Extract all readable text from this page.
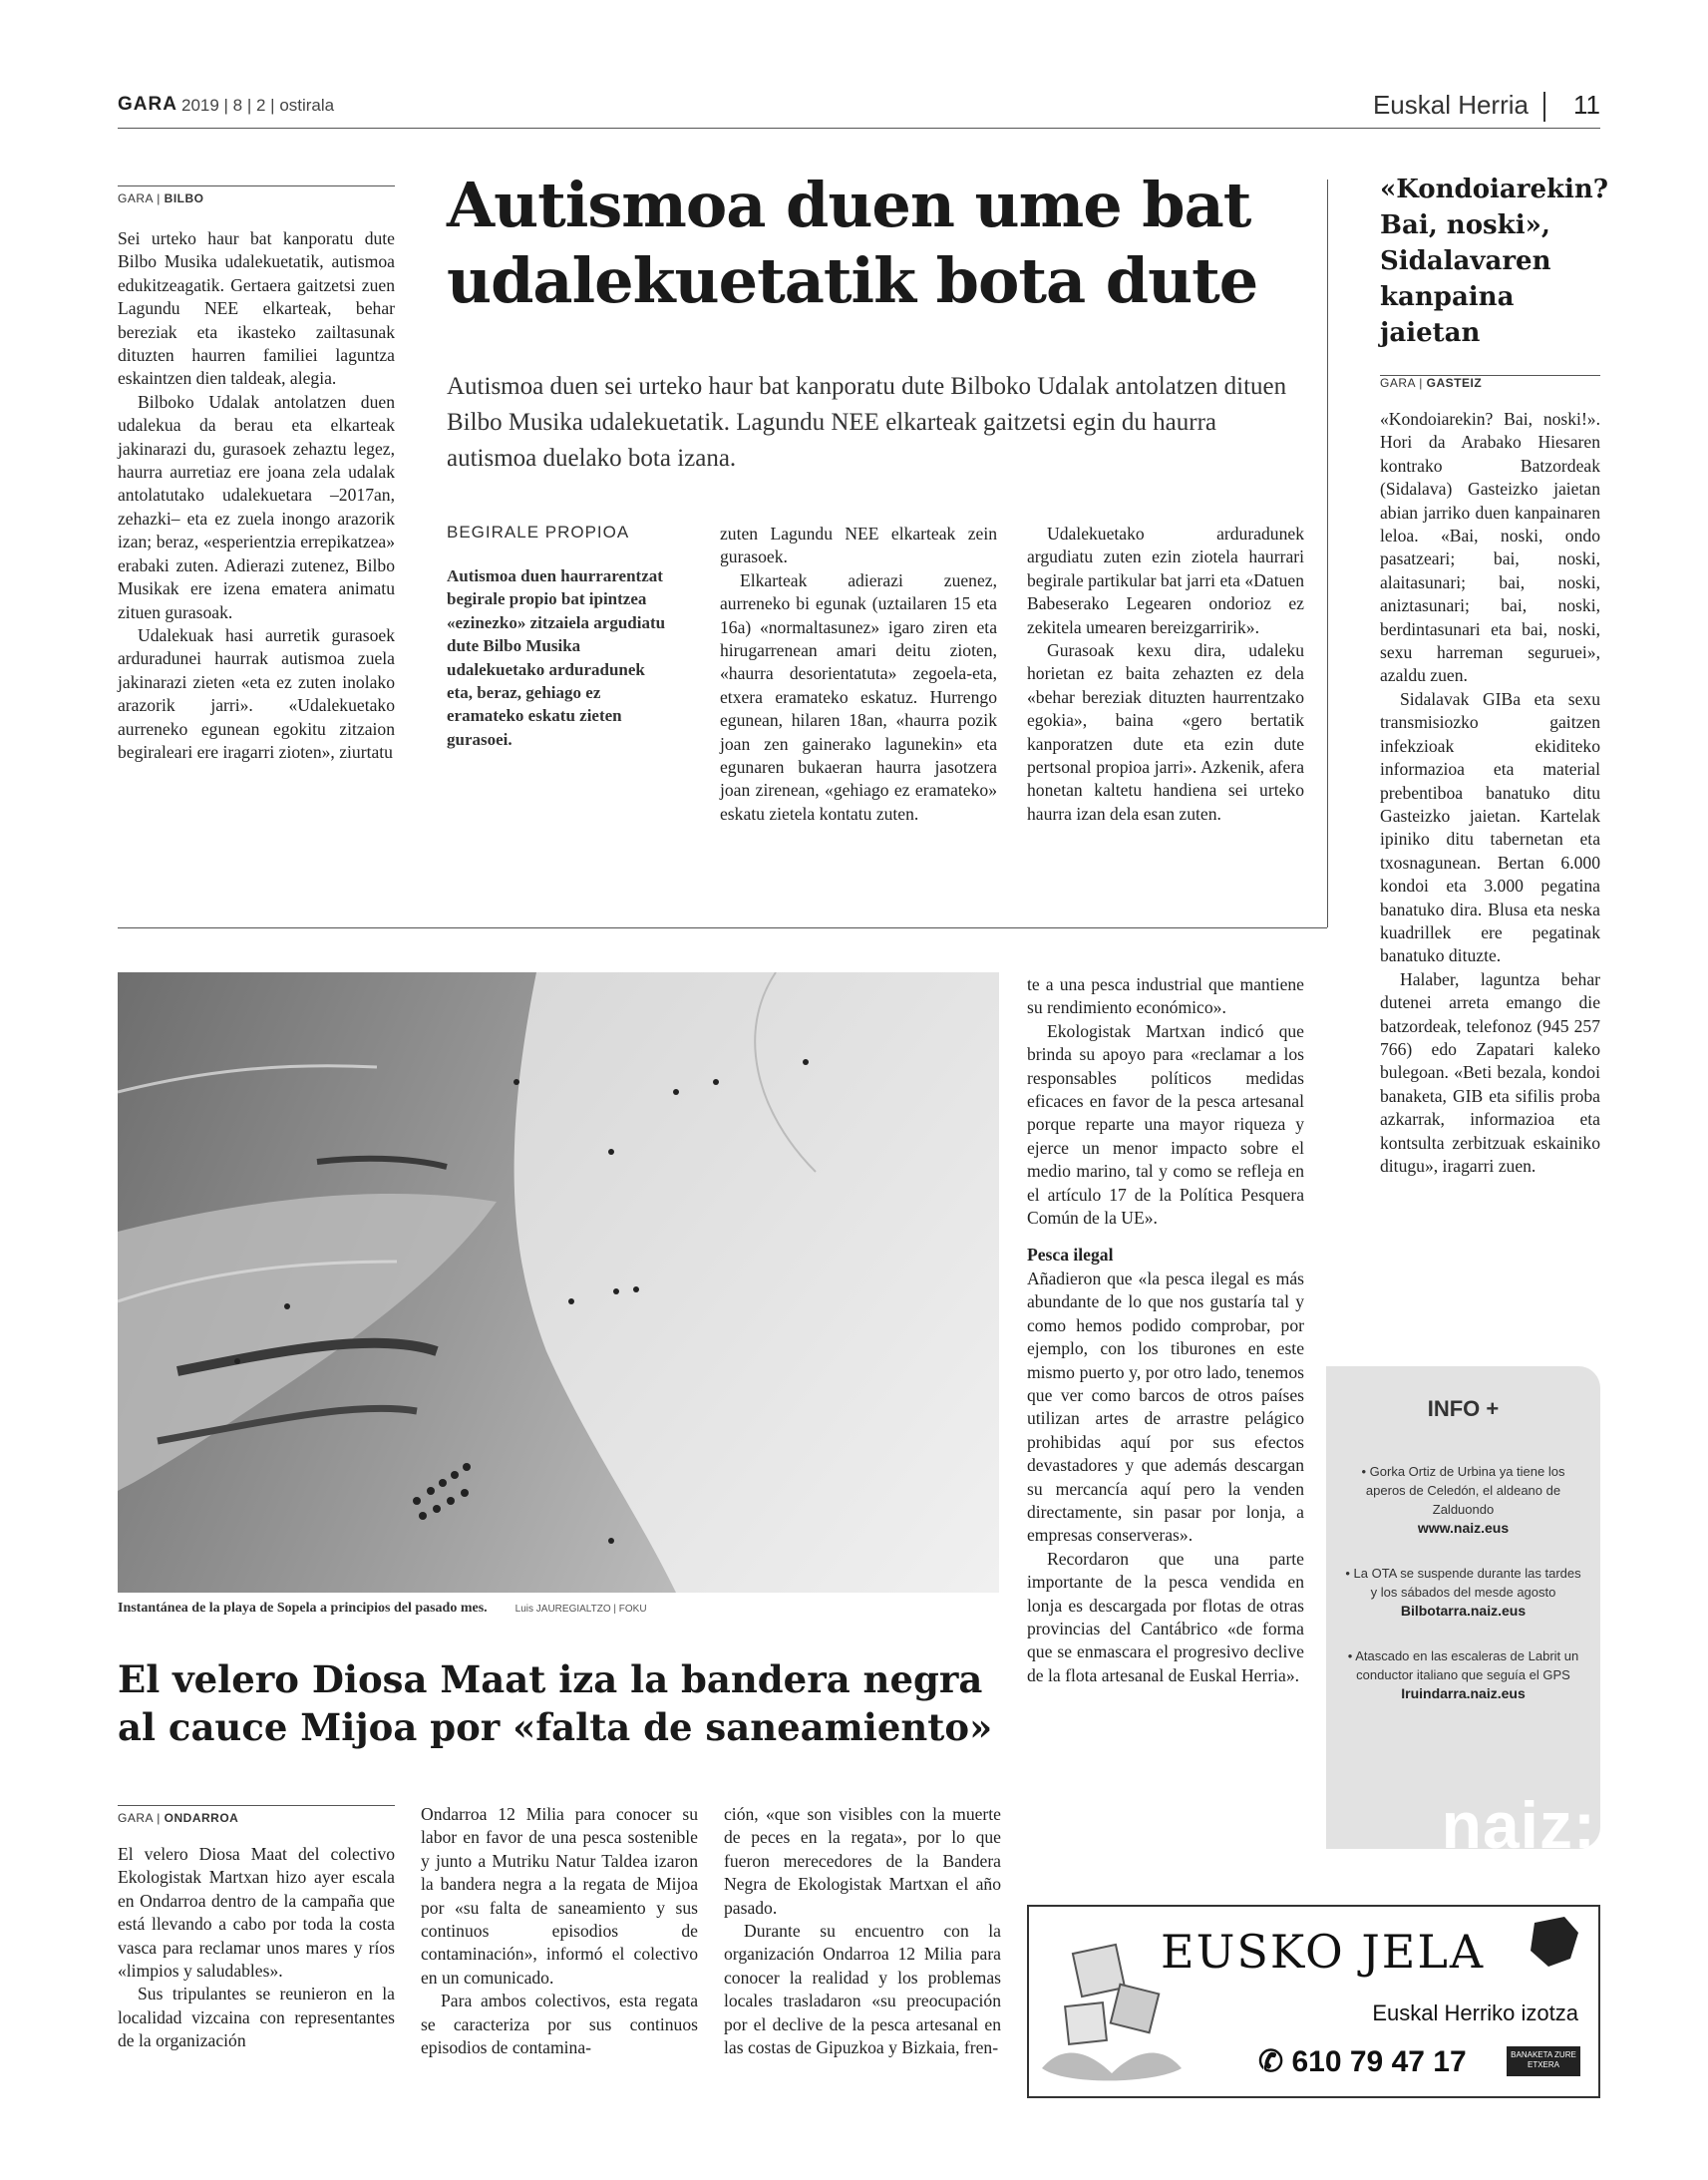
GARA 2019 | 8 | 2 | ostirala	Euskal Herria 11
GARA | BILBO

Sei urteko haur bat kanporatu dute Bilbo Musika udalekuetatik, autismoa edukitzeagatik. Gertaera gaitzetsi zuen Lagundu NEE elkarteak, behar bereziak eta ikasteko zailtasunak dituzten haurren familiei laguntza eskaintzen dien taldeak, alegia.

Bilboko Udalak antolatzen duen udalekua da berau eta elkarteak jakinarazi du, gurasoek zehaztu legez, haurra aurretiaz ere joana zela udalak antolatutako udalekuetara –2017an, zehazki– eta ez zuela inongo arazorik izan; beraz, «esperientzia errepikatzea» erabaki zuten. Adierazi zutenez, Bilbo Musikak ere izena ematera animatu zituen gurasoak.

Udalekuak hasi aurretik gurasoek arduradunei haurrak autismoa zuela jakinarazi zieten «eta ez zuten inolako arazorik jarri». «Udalekuetako aurreneko egunean egokitu zitzaion begiraleari ere iragarri zioten», ziurtatu

Autismoa duen ume bat
udalekuetatik bota dute
Autismoa duen sei urteko haur bat kanporatu dute Bilboko Udalak antolatzen dituen Bilbo Musika udalekuetatik. Lagundu NEE elkarteak gaitzetsi egin du haurra autismoa duelako bota izana.
BEGIRALE PROPIOA
Autismoa duen haurrarentzat begirale propio bat ipintzea «ezinezko» zitzaiela argudiatu dute Bilbo Musika udalekuetako arduradunek eta, beraz, gehiago ez eramateko eskatu zieten gurasoei.

zuten Lagundu NEE elkarteak zein gurasoek.

Elkarteak adierazi zuenez, aurreneko bi egunak (uztailaren 15 eta 16a) «normaltasunez» igaro ziren eta hirugarrenean amari deitu zioten, «haurra desorientatuta» zegoela-eta, etxera eramateko eskatuz. Hurrengo egunean, hilaren 18an, «haurra pozik joan zen gainerako lagunekin» eta egunaren bukaeran haurra jasotzera joan zirenean, «gehiago ez eramateko» eskatu zietela kontatu zuten.

Udalekuetako arduradunek argudiatu zuten ezin ziotela haurrari begirale partikular bat jarri eta «Datuen Babeserako Legearen ondorioz ez zekitela umearen bereizgarririk».

Gurasoak kexu dira, udaleku horietan ez baita zehazten ez dela «behar bereziak dituzten haurrentzako egokia», baina «gero bertatik kanporatzen dute eta ezin dute pertsonal propioa jarri». Azkenik, afera honetan kaltetu handiena sei urteko haurra izan dela esan zuten.

«Kondoiarekin? Bai, noski», Sidalavaren kanpaina jaietan
GARA | GASTEIZ

«Kondoiarekin? Bai, noski!». Hori da Arabako Hiesaren kontrako Batzordeak (Sidalava) Gasteizko jaietan abian jarriko duen kanpainaren leloa. «Bai, noski, ondo pasatzeari; bai, noski, alaitasunari; bai, noski, aniztasunari; bai, noski, berdintasunari eta bai, noski, sexu harreman seguruei», azaldu zuen.

Sidalavak GIBa eta sexu transmisiozko gaitzen infekzioak ekiditeko informazioa eta material prebentiboa banatuko ditu Gasteizko jaietan. Kartelak ipiniko ditu tabernetan eta txosnagunean. Bertan 6.000 kondoi eta 3.000 pegatina banatuko dira. Blusa eta neska kuadrillek ere pegatinak banatuko dituzte.

Halaber, laguntza behar dutenei arreta emango die batzordeak, telefonoz (945 257 766) edo Zapatari kaleko bulegoan. «Beti bezala, kondoi banaketa, GIB eta sifilis proba azkarrak, informazioa eta kontsulta zerbitzuak eskainiko ditugu», iragarri zuen.

Instantánea de la playa de Sopela a principios del pasado mes.	Luis JAUREGIALTZO | FOKU
El velero Diosa Maat iza la bandera negra
al cauce Mijoa por «falta de saneamiento»
GARA | ONDARROA

El velero Diosa Maat del colectivo Ekologistak Martxan hizo ayer escala en Ondarroa dentro de la campaña que está llevando a cabo por toda la costa vasca para reclamar unos mares y ríos «limpios y saludables».

Sus tripulantes se reunieron en la localidad vizcaina con representantes de la organización

Ondarroa 12 Milia para conocer su labor en favor de una pesca sostenible y junto a Mutriku Natur Taldea izaron la bandera negra a la regata de Mijoa por «su falta de saneamiento y sus continuos episodios de contaminación», informó el colectivo en un comunicado.

Para ambos colectivos, esta regata se caracteriza por sus continuos episodios de contamina-

ción, «que son visibles con la muerte de peces en la regata», por lo que fueron merecedores de la Bandera Negra de Ekologistak Martxan el año pasado.

Durante su encuentro con la organización Ondarroa 12 Milia para conocer la realidad y los problemas locales trasladaron «su preocupación por el declive de la pesca artesanal en las costas de Gipuzkoa y Bizkaia, fren-

te a una pesca industrial que mantiene su rendimiento económico».

Ekologistak Martxan indicó que brinda su apoyo para «reclamar a los responsables políticos medidas eficaces en favor de la pesca artesanal porque reparte una mayor riqueza y ejerce un menor impacto sobre el medio marino, tal y como se refleja en el artículo 17 de la Política Pesquera Común de la UE».

Pesca ilegal

Añadieron que «la pesca ilegal es más abundante de lo que nos gustaría tal y como hemos podido comprobar, por ejemplo, con los tiburones en este mismo puerto y, por otro lado, tenemos que ver como barcos de otros países utilizan artes de arrastre pelágico prohibidas aquí por sus efectos devastadores y que además descargan su mercancía aquí pero la venden directamente, sin pasar por lonja, a empresas conserveras».

Recordaron que una parte importante de la pesca vendida en lonja es descargada por flotas de otras provincias del Cantábrico «de forma que se enmascara el progresivo declive de la flota artesanal de Euskal Herria».

INFO +
• Gorka Ortiz de Urbina ya tiene los aperos de Celedón, el aldeano de Zalduondo
www.naiz.eus
• La OTA se suspende durante las tardes y los sábados del mesde agosto
Bilbotarra.naiz.eus
• Atascado en las escaleras de Labrit un conductor italiano que seguía el GPS
Iruindarra.naiz.eus
naiz:
EUSKO JELA
Euskal Herriko izotza
✆ 610 79 47 17	BANAKETA ZURE ETXERA
